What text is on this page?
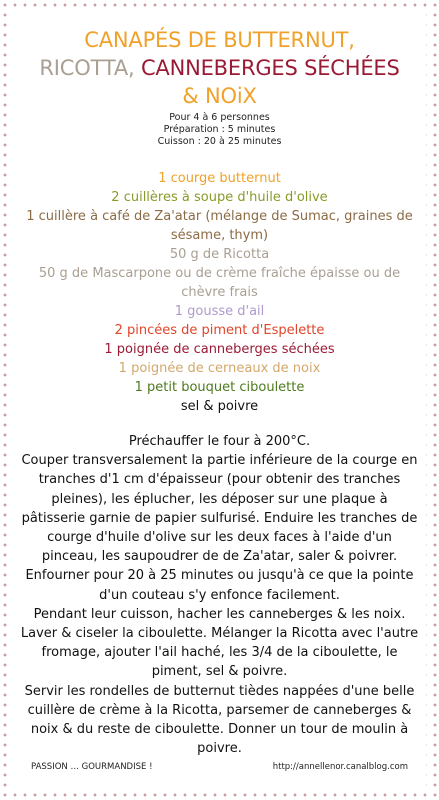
CANAPÉS DE BUTTERNUT,
RICOTTA, CANNEBERGES SÉCHÉES
& NOiX
Pour 4 à 6 personnes
Préparation : 5 minutes
Cuisson : 20 à 25 minutes
1 courge butternut
2 cuillères à soupe d'huile d'olive
1 cuillère à café de Za'atar (mélange de Sumac, graines de sésame, thym)
50 g de Ricotta
50 g de Mascarpone ou de crème fraîche épaisse ou de chèvre frais
1 gousse d'ail
2 pincées de piment d'Espelette
1 poignée de canneberges séchées
1 poignée de cerneaux de noix
1 petit bouquet ciboulette
sel & poivre
Préchauffer le four à 200°C.
Couper transversalement la partie inférieure de la courge en tranches d'1 cm d'épaisseur (pour obtenir des tranches pleines), les éplucher, les déposer sur une plaque à pâtisserie garnie de papier sulfurisé. Enduire les tranches de courge d'huile d'olive sur les deux faces à l'aide d'un pinceau, les saupoudrer de de Za'atar, saler & poivrer. Enfourner pour 20 à 25 minutes ou jusqu'à ce que la pointe d'un couteau s'y enfonce facilement.
Pendant leur cuisson, hacher les canneberges & les noix. Laver & ciseler la ciboulette. Mélanger la Ricotta avec l'autre fromage, ajouter l'ail haché, les 3/4 de la ciboulette, le piment, sel & poivre.
Servir les rondelles de butternut tièdes nappées d'une belle cuillère de crème à la Ricotta, parsemer de canneberges & noix & du reste de ciboulette. Donner un tour de moulin à poivre.
PASSION … GOURMANDISE !	http://annellenor.canalblog.com
